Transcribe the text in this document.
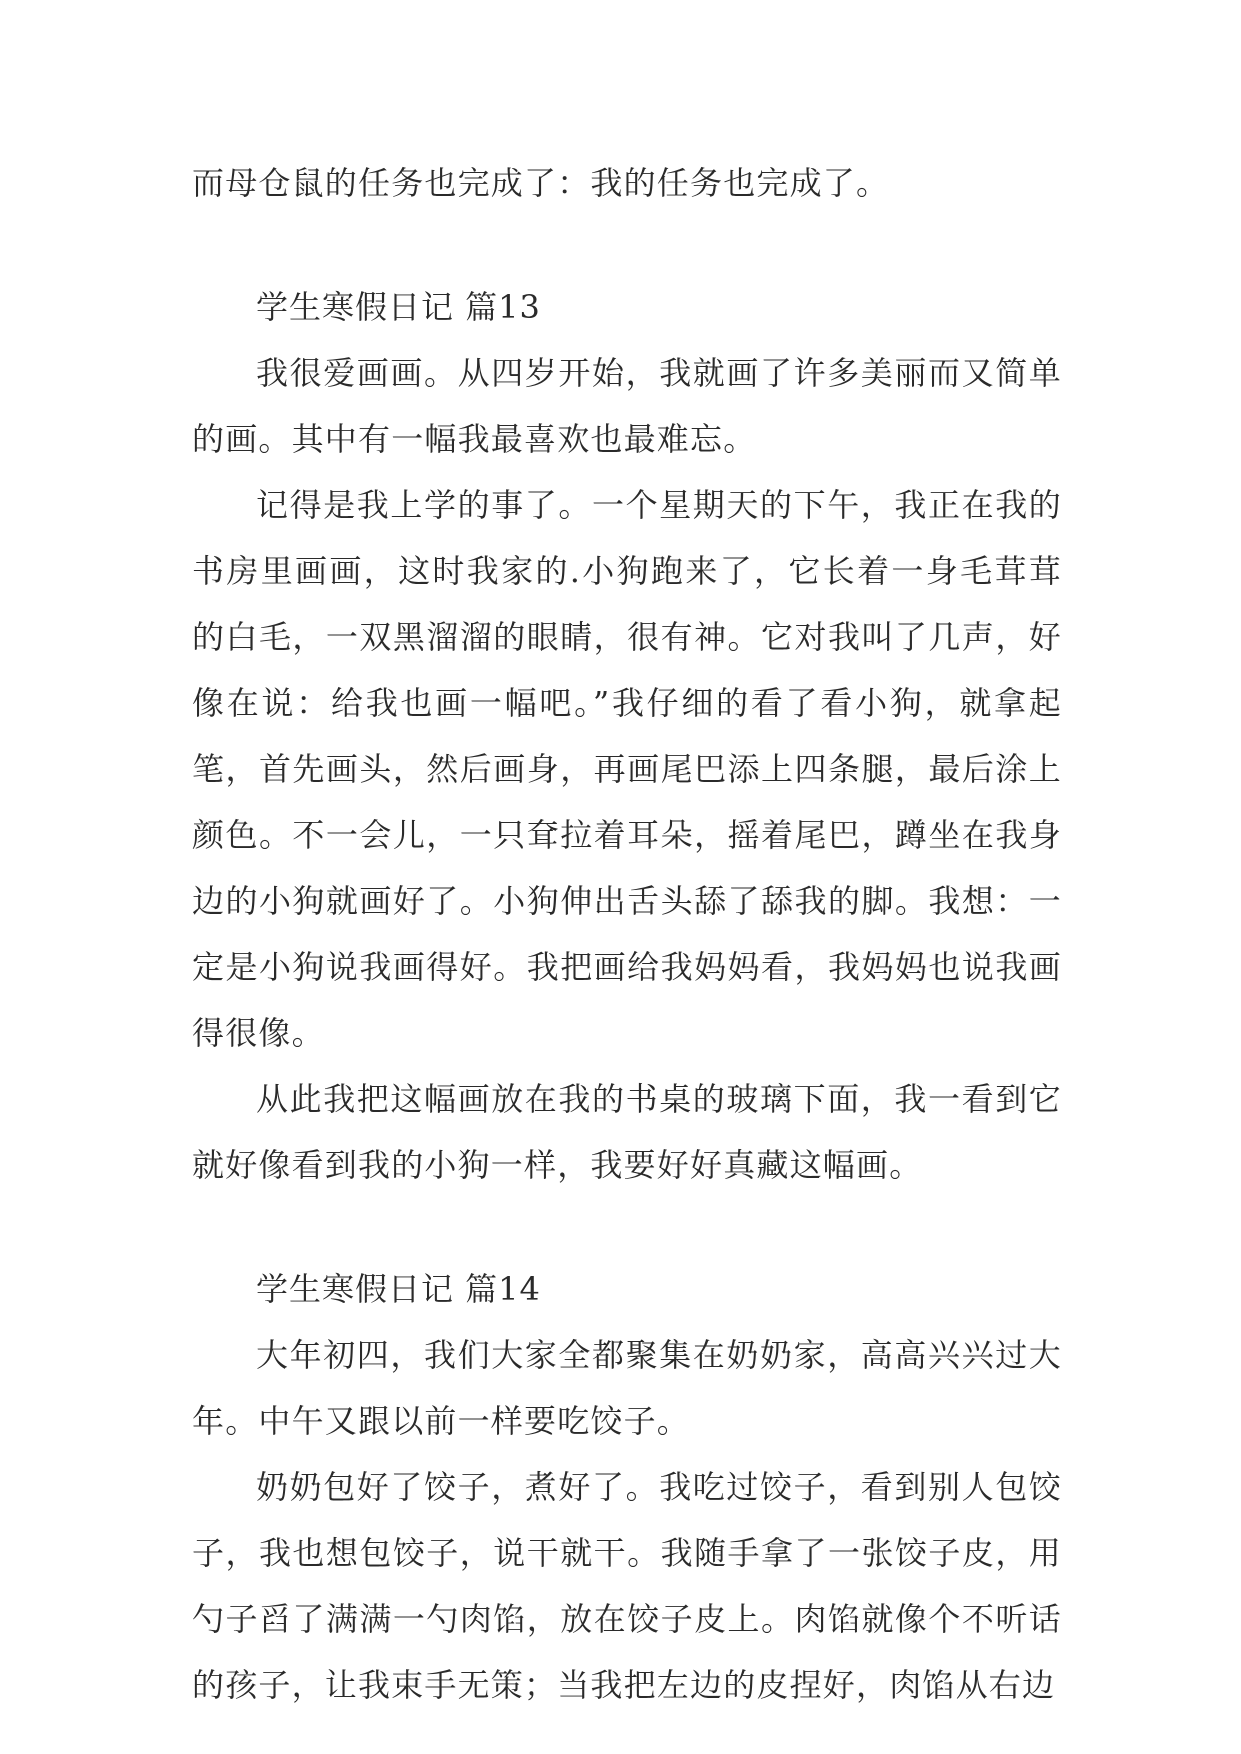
而母仓鼠的任务也完成了：我的任务也完成了。

学生寒假日记 篇13

我很爱画画。从四岁开始，我就画了许多美丽而又简单的画。其中有一幅我最喜欢也最难忘。

记得是我上学的事了。一个星期天的下午，我正在我的书房里画画，这时我家的.小狗跑来了，它长着一身毛茸茸的白毛，一双黑溜溜的眼睛，很有神。它对我叫了几声，好像在说：给我也画一幅吧。”我仔细的看了看小狗，就拿起笔，首先画头，然后画身，再画尾巴添上四条腿，最后涂上颜色。不一会儿，一只耷拉着耳朵，摇着尾巴，蹲坐在我身边的小狗就画好了。小狗伸出舌头舔了舔我的脚。我想：一定是小狗说我画得好。我把画给我妈妈看，我妈妈也说我画得很像。

从此我把这幅画放在我的书桌的玻璃下面，我一看到它就好像看到我的小狗一样，我要好好真藏这幅画。

学生寒假日记 篇14

大年初四，我们大家全都聚集在奶奶家，高高兴兴过大年。中午又跟以前一样要吃饺子。

奶奶包好了饺子，煮好了。我吃过饺子，看到别人包饺子，我也想包饺子，说干就干。我随手拿了一张饺子皮，用勺子舀了满满一勺肉馅，放在饺子皮上。肉馅就像个不听话的孩子，让我束手无策；当我把左边的皮捏好，肉馅从右边
